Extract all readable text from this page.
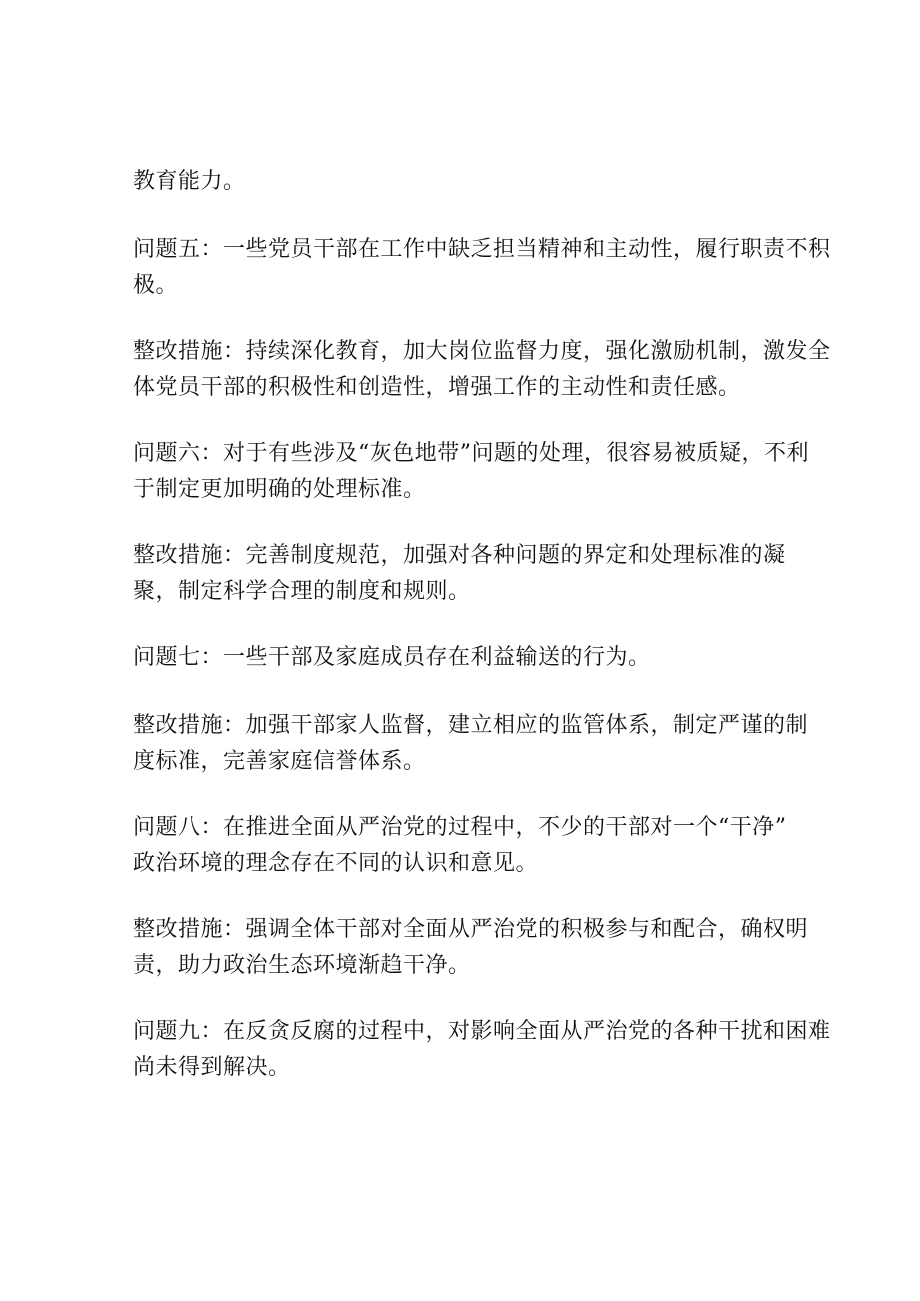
教育能力。

问题五：一些党员干部在工作中缺乏担当精神和主动性，履行职责不积
极。

整改措施：持续深化教育，加大岗位监督力度，强化激励机制，激发全
体党员干部的积极性和创造性，增强工作的主动性和责任感。

问题六：对于有些涉及“灰色地带”问题的处理，很容易被质疑，不利
于制定更加明确的处理标准。

整改措施：完善制度规范，加强对各种问题的界定和处理标准的凝
聚，制定科学合理的制度和规则。

问题七：一些干部及家庭成员存在利益输送的行为。

整改措施：加强干部家人监督，建立相应的监管体系，制定严谨的制
度标准，完善家庭信誉体系。

问题八：在推进全面从严治党的过程中，不少的干部对一个“干净”
政治环境的理念存在不同的认识和意见。

整改措施：强调全体干部对全面从严治党的积极参与和配合，确权明
责，助力政治生态环境渐趋干净。

问题九：在反贪反腐的过程中，对影响全面从严治党的各种干扰和困难
尚未得到解决。
